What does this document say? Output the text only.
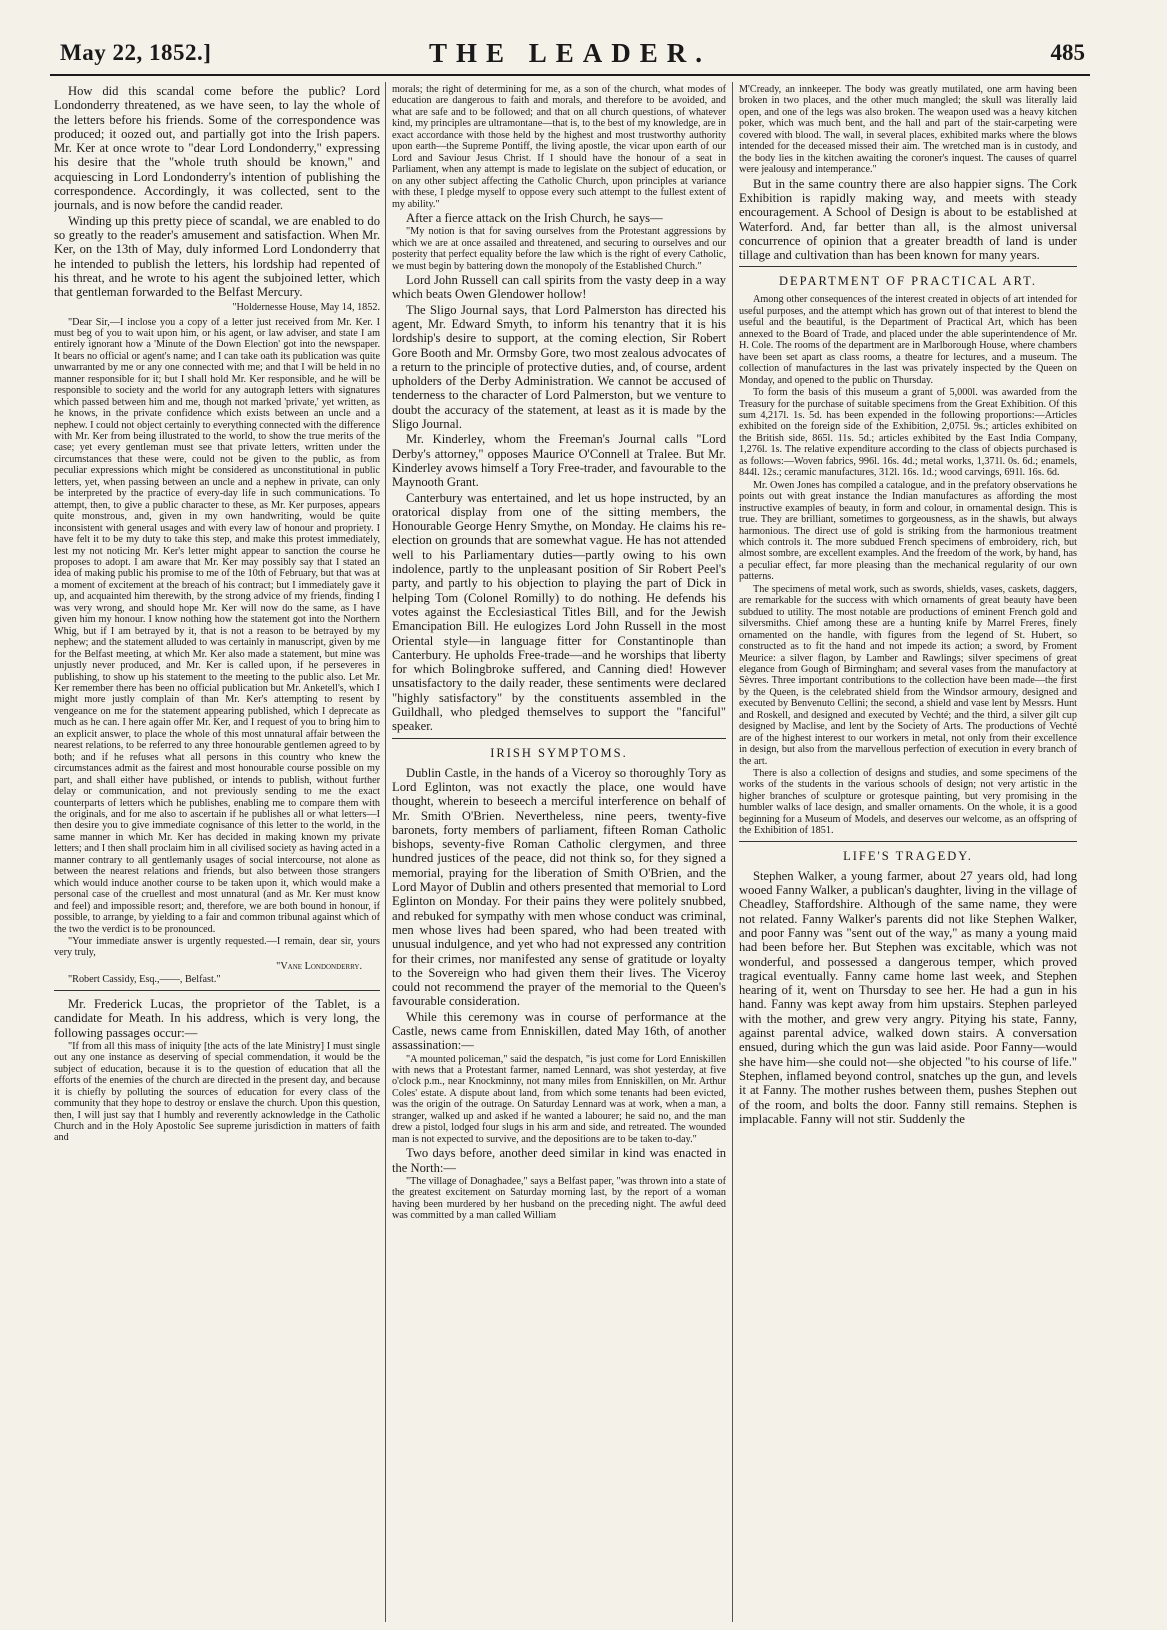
May 22, 1852.]	THE LEADER.	485

How did this scandal come before the public? Lord Londonderry threatened, as we have seen, to lay the whole of the letters before his friends. Some of the correspondence was produced; it oozed out, and partially got into the Irish papers. Mr. Ker at once wrote to "dear Lord Londonderry," expressing his desire that the "whole truth should be known," and acquiescing in Lord Londonderry's intention of publishing the correspondence. Accordingly, it was collected, sent to the journals, and is now before the candid reader.

Winding up this pretty piece of scandal, we are enabled to do so greatly to the reader's amusement and satisfaction. When Mr. Ker, on the 13th of May, duly informed Lord Londonderry that he intended to publish the letters, his lordship had repented of his threat, and he wrote to his agent the subjoined letter, which that gentleman forwarded to the Belfast Mercury.

"Holdernesse House, May 14, 1852.

"Dear Sir,—I inclose you a copy of a letter just received from Mr. Ker. I must beg of you to wait upon him, or his agent, or law adviser, and state I am entirely ignorant how a 'Minute of the Down Election' got into the newspaper. It bears no official or agent's name; and I can take oath its publication was quite unwarranted by me or any one connected with me; and that I will be held in no manner responsible for it; but I shall hold Mr. Ker responsible, and he will be responsible to society and the world for any autograph letters with signatures which passed between him and me, though not marked 'private,' yet written, as he knows, in the private confidence which exists between an uncle and a nephew. I could not object certainly to everything connected with the difference with Mr. Ker from being illustrated to the world, to show the true merits of the case; yet every gentleman must see that private letters, written under the circumstances that these were, could not be given to the public, as from peculiar expressions which might be considered as unconstitutional in public letters, yet, when passing between an uncle and a nephew in private, can only be interpreted by the practice of every-day life in such communications. To attempt, then, to give a public character to these, as Mr. Ker purposes, appears quite monstrous, and, given in my own handwriting, would be quite inconsistent with general usages and with every law of honour and propriety. I have felt it to be my duty to take this step, and make this protest immediately, lest my not noticing Mr. Ker's letter might appear to sanction the course he proposes to adopt. I am aware that Mr. Ker may possibly say that I stated an idea of making public his promise to me of the 10th of February, but that was at a moment of excitement at the breach of his contract; but I immediately gave it up, and acquainted him therewith, by the strong advice of my friends, finding I was very wrong, and should hope Mr. Ker will now do the same, as I have given him my honour. I know nothing how the statement got into the Northern Whig, but if I am betrayed by it, that is not a reason to be betrayed by my nephew; and the statement alluded to was certainly in manuscript, given by me for the Belfast meeting, at which Mr. Ker also made a statement, but mine was unjustly never produced, and Mr. Ker is called upon, if he perseveres in publishing, to show up his statement to the meeting to the public also. Let Mr. Ker remember there has been no official publication but Mr. Anketell's, which I might more justly complain of than Mr. Ker's attempting to resent by vengeance on me for the statement appearing published, which I deprecate as much as he can. I here again offer Mr. Ker, and I request of you to bring him to an explicit answer, to place the whole of this most unnatural affair between the nearest relations, to be referred to any three honourable gentlemen agreed to by both; and if he refuses what all persons in this country who knew the circumstances admit as the fairest and most honourable course possible on my part, and shall either have published, or intends to publish, without further delay or communication, and not previously sending to me the exact counterparts of letters which he publishes, enabling me to compare them with the originals, and for me also to ascertain if he publishes all or what letters—I then desire you to give immediate cognisance of this letter to the world, in the same manner in which Mr. Ker has decided in making known my private letters; and I then shall proclaim him in all civilised society as having acted in a manner contrary to all gentlemanly usages of social intercourse, not alone as between the nearest relations and friends, but also between those strangers which would induce another course to be taken upon it, which would make a personal case of the cruellest and most unnatural (and as Mr. Ker must know and feel) and impossible resort; and, therefore, we are both bound in honour, if possible, to arrange, by yielding to a fair and common tribunal against which of the two the verdict is to be pronounced.

"Your immediate answer is urgently requested.—I remain, dear sir, yours very truly,

"Vane Londonderry.
"Robert Cassidy, Esq.,——, Belfast."

Mr. Frederick Lucas, the proprietor of the Tablet, is a candidate for Meath. In his address, which is very long, the following passages occur:—

"If from all this mass of iniquity [the acts of the late Ministry] I must single out any one instance as deserving of special commendation, it would be the subject of education, because it is to the question of education that all the efforts of the enemies of the church are directed in the present day, and because it is chiefly by polluting the sources of education for every class of the community that they hope to destroy or enslave the church. Upon this question, then, I will just say that I humbly and reverently acknowledge in the Catholic Church and in the Holy Apostolic See supreme jurisdiction in matters of faith and

morals; the right of determining for me, as a son of the church, what modes of education are dangerous to faith and morals, and therefore to be avoided, and what are safe and to be followed; and that on all church questions, of whatever kind, my principles are ultramontane—that is, to the best of my knowledge, are in exact accordance with those held by the highest and most trustworthy authority upon earth—the Supreme Pontiff, the living apostle, the vicar upon earth of our Lord and Saviour Jesus Christ. If I should have the honour of a seat in Parliament, when any attempt is made to legislate on the subject of education, or on any other subject affecting the Catholic Church, upon principles at variance with these, I pledge myself to oppose every such attempt to the fullest extent of my ability."

After a fierce attack on the Irish Church, he says—

"My notion is that for saving ourselves from the Protestant aggressions by which we are at once assailed and threatened, and securing to ourselves and our posterity that perfect equality before the law which is the right of every Catholic, we must begin by battering down the monopoly of the Established Church."

Lord John Russell can call spirits from the vasty deep in a way which beats Owen Glendower hollow!

The Sligo Journal says, that Lord Palmerston has directed his agent, Mr. Edward Smyth, to inform his tenantry that it is his lordship's desire to support, at the coming election, Sir Robert Gore Booth and Mr. Ormsby Gore, two most zealous advocates of a return to the principle of protective duties, and, of course, ardent upholders of the Derby Administration. We cannot be accused of tenderness to the character of Lord Palmerston, but we venture to doubt the accuracy of the statement, at least as it is made by the Sligo Journal.

Mr. Kinderley, whom the Freeman's Journal calls "Lord Derby's attorney," opposes Maurice O'Connell at Tralee. But Mr. Kinderley avows himself a Tory Free-trader, and favourable to the Maynooth Grant.

Canterbury was entertained, and let us hope instructed, by an oratorical display from one of the sitting members, the Honourable George Henry Smythe, on Monday. He claims his re-election on grounds that are somewhat vague. He has not attended well to his Parliamentary duties—partly owing to his own indolence, partly to the unpleasant position of Sir Robert Peel's party, and partly to his objection to playing the part of Dick in helping Tom (Colonel Romilly) to do nothing. He defends his votes against the Ecclesiastical Titles Bill, and for the Jewish Emancipation Bill. He eulogizes Lord John Russell in the most Oriental style—in language fitter for Constantinople than Canterbury. He upholds Free-trade—and he worships that liberty for which Bolingbroke suffered, and Canning died! However unsatisfactory to the daily reader, these sentiments were declared "highly satisfactory" by the constituents assembled in the Guildhall, who pledged themselves to support the "fanciful" speaker.

IRISH SYMPTOMS.

Dublin Castle, in the hands of a Viceroy so thoroughly Tory as Lord Eglinton, was not exactly the place, one would have thought, wherein to beseech a merciful interference on behalf of Mr. Smith O'Brien. Nevertheless, nine peers, twenty-five baronets, forty members of parliament, fifteen Roman Catholic bishops, seventy-five Roman Catholic clergymen, and three hundred justices of the peace, did not think so, for they signed a memorial, praying for the liberation of Smith O'Brien, and the Lord Mayor of Dublin and others presented that memorial to Lord Eglinton on Monday. For their pains they were politely snubbed, and rebuked for sympathy with men whose conduct was criminal, men whose lives had been spared, who had been treated with unusual indulgence, and yet who had not expressed any contrition for their crimes, nor manifested any sense of gratitude or loyalty to the Sovereign who had given them their lives. The Viceroy could not recommend the prayer of the memorial to the Queen's favourable consideration.

While this ceremony was in course of performance at the Castle, news came from Enniskillen, dated May 16th, of another assassination:—

"A mounted policeman," said the despatch, "is just come for Lord Enniskillen with news that a Protestant farmer, named Lennard, was shot yesterday, at five o'clock p.m., near Knockminny, not many miles from Enniskillen, on Mr. Arthur Coles' estate. A dispute about land, from which some tenants had been evicted, was the origin of the outrage. On Saturday Lennard was at work, when a man, a stranger, walked up and asked if he wanted a labourer; he said no, and the man drew a pistol, lodged four slugs in his arm and side, and retreated. The wounded man is not expected to survive, and the depositions are to be taken to-day."

Two days before, another deed similar in kind was enacted in the North:—

"The village of Donaghadee," says a Belfast paper, "was thrown into a state of the greatest excitement on Saturday morning last, by the report of a woman having been murdered by her husband on the preceding night. The awful deed was committed by a man called William

M'Cready, an innkeeper. The body was greatly mutilated, one arm having been broken in two places, and the other much mangled; the skull was literally laid open, and one of the legs was also broken. The weapon used was a heavy kitchen poker, which was much bent, and the hall and part of the stair-carpeting were covered with blood. The wall, in several places, exhibited marks where the blows intended for the deceased missed their aim. The wretched man is in custody, and the body lies in the kitchen awaiting the coroner's inquest. The causes of quarrel were jealousy and intemperance."

But in the same country there are also happier signs. The Cork Exhibition is rapidly making way, and meets with steady encouragement. A School of Design is about to be established at Waterford. And, far better than all, is the almost universal concurrence of opinion that a greater breadth of land is under tillage and cultivation than has been known for many years.

DEPARTMENT OF PRACTICAL ART.

Among other consequences of the interest created in objects of art intended for useful purposes, and the attempt which has grown out of that interest to blend the useful and the beautiful, is the Department of Practical Art, which has been annexed to the Board of Trade, and placed under the able superintendence of Mr. H. Cole. The rooms of the department are in Marlborough House, where chambers have been set apart as class rooms, a theatre for lectures, and a museum. The collection of manufactures in the last was privately inspected by the Queen on Monday, and opened to the public on Thursday.

To form the basis of this museum a grant of 5,000l. was awarded from the Treasury for the purchase of suitable specimens from the Great Exhibition. Of this sum 4,217l. 1s. 5d. has been expended in the following proportions:—Articles exhibited on the foreign side of the Exhibition, 2,075l. 9s.; articles exhibited on the British side, 865l. 11s. 5d.; articles exhibited by the East India Company, 1,276l. 1s. The relative expenditure according to the class of objects purchased is as follows:—Woven fabrics, 996l. 16s. 4d.; metal works, 1,371l. 0s. 6d.; enamels, 844l. 12s.; ceramic manufactures, 312l. 16s. 1d.; wood carvings, 691l. 16s. 6d.

Mr. Owen Jones has compiled a catalogue, and in the prefatory observations he points out with great instance the Indian manufactures as affording the most instructive examples of beauty, in form and colour, in ornamental design. This is true. They are brilliant, sometimes to gorgeousness, as in the shawls, but always harmonious. The direct use of gold is striking from the harmonious treatment which controls it. The more subdued French specimens of embroidery, rich, but almost sombre, are excellent examples. And the freedom of the work, by hand, has a peculiar effect, far more pleasing than the mechanical regularity of our own patterns.

The specimens of metal work, such as swords, shields, vases, caskets, daggers, are remarkable for the success with which ornaments of great beauty have been subdued to utility. The most notable are productions of eminent French gold and silversmiths. Chief among these are a hunting knife by Marrel Freres, finely ornamented on the handle, with figures from the legend of St. Hubert, so constructed as to fit the hand and not impede its action; a sword, by Froment Meurice: a silver flagon, by Lamber and Rawlings; silver specimens of great elegance from Gough of Birmingham; and several vases from the manufactory at Sèvres. Three important contributions to the collection have been made—the first by the Queen, is the celebrated shield from the Windsor armoury, designed and executed by Benvenuto Cellini; the second, a shield and vase lent by Messrs. Hunt and Roskell, and designed and executed by Vechté; and the third, a silver gilt cup designed by Maclise, and lent by the Society of Arts. The productions of Vechté are of the highest interest to our workers in metal, not only from their excellence in design, but also from the marvellous perfection of execution in every branch of the art.

There is also a collection of designs and studies, and some specimens of the works of the students in the various schools of design; not very artistic in the higher branches of sculpture or grotesque painting, but very promising in the humbler walks of lace design, and smaller ornaments. On the whole, it is a good beginning for a Museum of Models, and deserves our welcome, as an offspring of the Exhibition of 1851.

LIFE'S TRAGEDY.

Stephen Walker, a young farmer, about 27 years old, had long wooed Fanny Walker, a publican's daughter, living in the village of Cheadley, Staffordshire. Although of the same name, they were not related. Fanny Walker's parents did not like Stephen Walker, and poor Fanny was "sent out of the way," as many a young maid had been before her. But Stephen was excitable, which was not wonderful, and possessed a dangerous temper, which proved tragical eventually. Fanny came home last week, and Stephen hearing of it, went on Thursday to see her. He had a gun in his hand. Fanny was kept away from him upstairs. Stephen parleyed with the mother, and grew very angry. Pitying his state, Fanny, against parental advice, walked down stairs. A conversation ensued, during which the gun was laid aside. Poor Fanny—would she have him—she could not—she objected "to his course of life." Stephen, inflamed beyond control, snatches up the gun, and levels it at Fanny. The mother rushes between them, pushes Stephen out of the room, and bolts the door. Fanny still remains. Stephen is implacable. Fanny will not stir. Suddenly the
